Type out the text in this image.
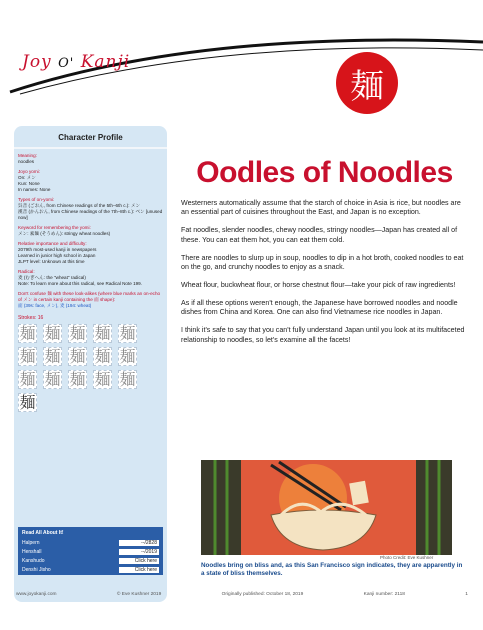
Joy O' Kanji
麺
Character Profile
Meaning:
noodles
Joyo yomi:
On: メン
Kun: None
In names: None
Types of on-yomi:
呉音 (ごおん, from Chinese readings of the 5th–6th c.): メン
漢音 (かんおん, from Chinese readings of the 7th–8th c.): ベン [unused now]
Keyword for remembering the yomi:
メン: 素麺 (そうめん): stringy wheat noodles)
Relative importance and difficulty:
2079th most-used kanji in newspapers
Learned in junior high school in Japan
JLPT level: Unknown at this time
Radical:
麦 (むぎへん: the "wheat" radical)
Note: To learn more about this radical, see Radical Note 199.
Don't confuse 麺 with these look-alikes (where blue marks an on-echo of メン in certain kanji containing the 面 shape):
面 (39s: face, メン), 麦 (194: wheat)
Strokes: 16
麺 麺 麺 麺 麺
麺 麺 麺 麺 麺
麺 麺 麺 麺 麺
麺
Read All About It!
Halpern	--/2828
Henshall	--/2019
Kanshudo	Click here
Denshi Jisho	Click here
Oodles of Noodles

Westerners automatically assume that the starch of choice in Asia is rice, but noodles are an essential part of cuisines throughout the East, and Japan is no exception.

Fat noodles, slender noodles, chewy noodles, stringy noodles—Japan has created all of these. You can eat them hot, you can eat them cold.

There are noodles to slurp up in soup, noodles to dip in a hot broth, cooked noodles to eat on the go, and crunchy noodles to enjoy as a snack.

Wheat flour, buckwheat flour, or horse chestnut flour—take your pick of raw ingredients!

As if all these options weren't enough, the Japanese have borrowed noodles and noodle dishes from China and Korea. One can also find Vietnamese rice noodles in Japan.

I think it's safe to say that you can't fully understand Japan until you look at its multifaceted relationship to noodles, so let's examine all the facets!

Photo Credit: Eve Kushner
Noodles bring on bliss and, as this San Francisco sign indicates, they are apparently in a state of bliss themselves.
www.joyokanji.com	© Eve Kushner 2019	Originally published: October 18, 2019	Kanji number: 2118	1
